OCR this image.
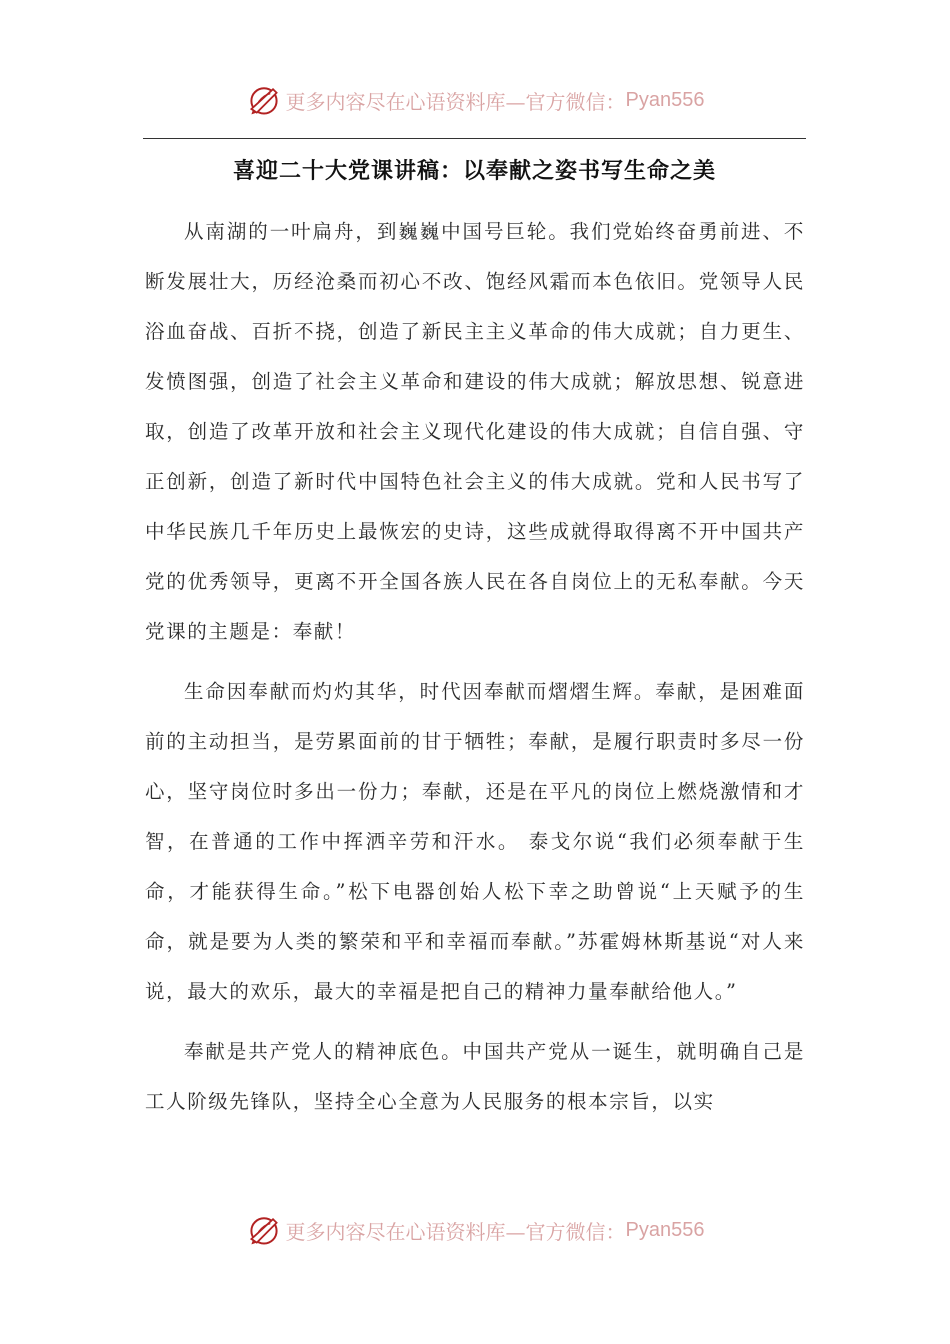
更多内容尽在心语资料库—官方微信： Pyan556
喜迎二十大党课讲稿：以奉献之姿书写生命之美

从南湖的一叶扁舟，到巍巍中国号巨轮。我们党始终奋勇前进、不断发展壮大，历经沧桑而初心不改、饱经风霜而本色依旧。党领导人民浴血奋战、百折不挠，创造了新民主主义革命的伟大成就；自力更生、发愤图强，创造了社会主义革命和建设的伟大成就；解放思想、锐意进取，创造了改革开放和社会主义现代化建设的伟大成就；自信自强、守正创新，创造了新时代中国特色社会主义的伟大成就。党和人民书写了中华民族几千年历史上最恢宏的史诗，这些成就得取得离不开中国共产党的优秀领导，更离不开全国各族人民在各自岗位上的无私奉献。今天党课的主题是：奉献！

生命因奉献而灼灼其华，时代因奉献而熠熠生辉。奉献，是困难面前的主动担当，是劳累面前的甘于牺牲；奉献，是履行职责时多尽一份心，坚守岗位时多出一份力；奉献，还是在平凡的岗位上燃烧激情和才智，在普通的工作中挥洒辛劳和汗水。 泰戈尔说“我们必须奉献于生命，才能获得生命。”松下电器创始人松下幸之助曾说“上天赋予的生命，就是要为人类的繁荣和平和幸福而奉献。”苏霍姆林斯基说“对人来说，最大的欢乐，最大的幸福是把自己的精神力量奉献给他人。”

奉献是共产党人的精神底色。中国共产党从一诞生，就明确自己是工人阶级先锋队，坚持全心全意为人民服务的根本宗旨，以实

更多内容尽在心语资料库—官方微信： Pyan556
